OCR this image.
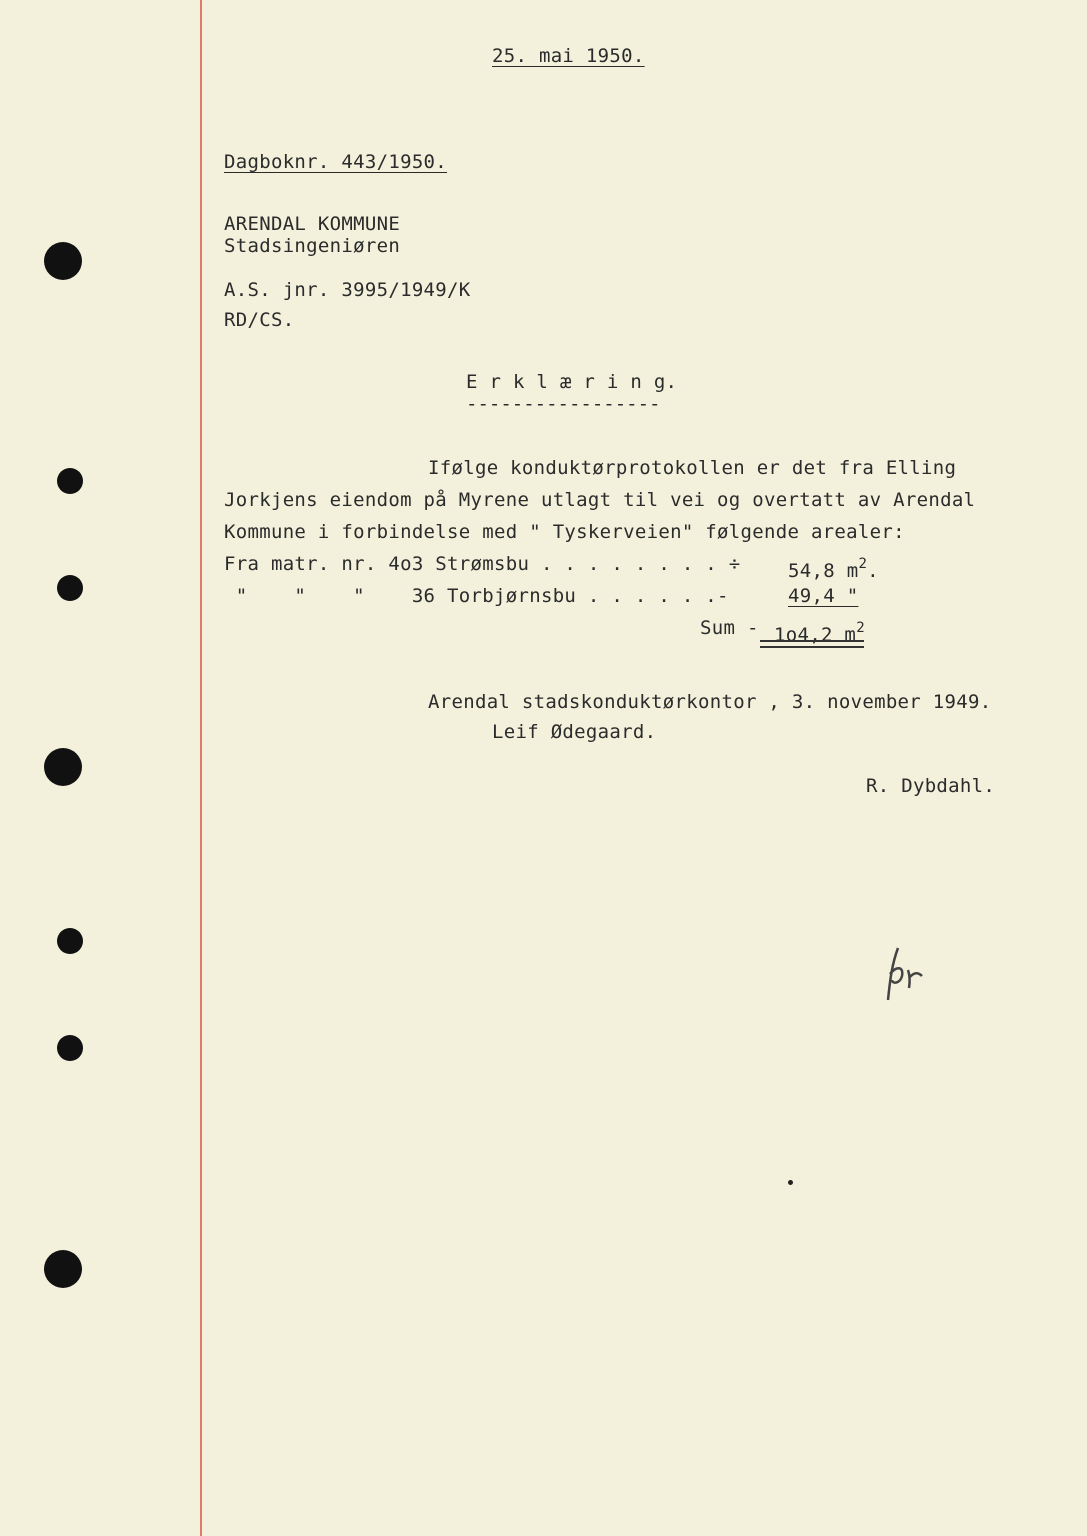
25. mai 1950.
Dagboknr. 443/1950.
ARENDAL KOMMUNE
Stadsingeniøren
A.S. jnr. 3995/1949/K
RD/CS.
E r k l æ r i n g.
-----------------
Ifølge konduktørprotokollen er det fra Elling
Jorkjens eiendom på Myrene utlagt til vei og overtatt av Arendal
Kommune i forbindelse med " Tyskerveien" følgende arealer:
Fra matr. nr. 4o3 Strømsbu . . . . . . . . ÷ 54,8 $m^2$.
"    "    "    36 Torbjørnsbu . . . . . .-	49,4 "
Sum - 1o4,2 $m^2$
Arendal stadskonduktørkontor , 3. november 1949.
Leif Ødegaard.
R. Dybdahl.
